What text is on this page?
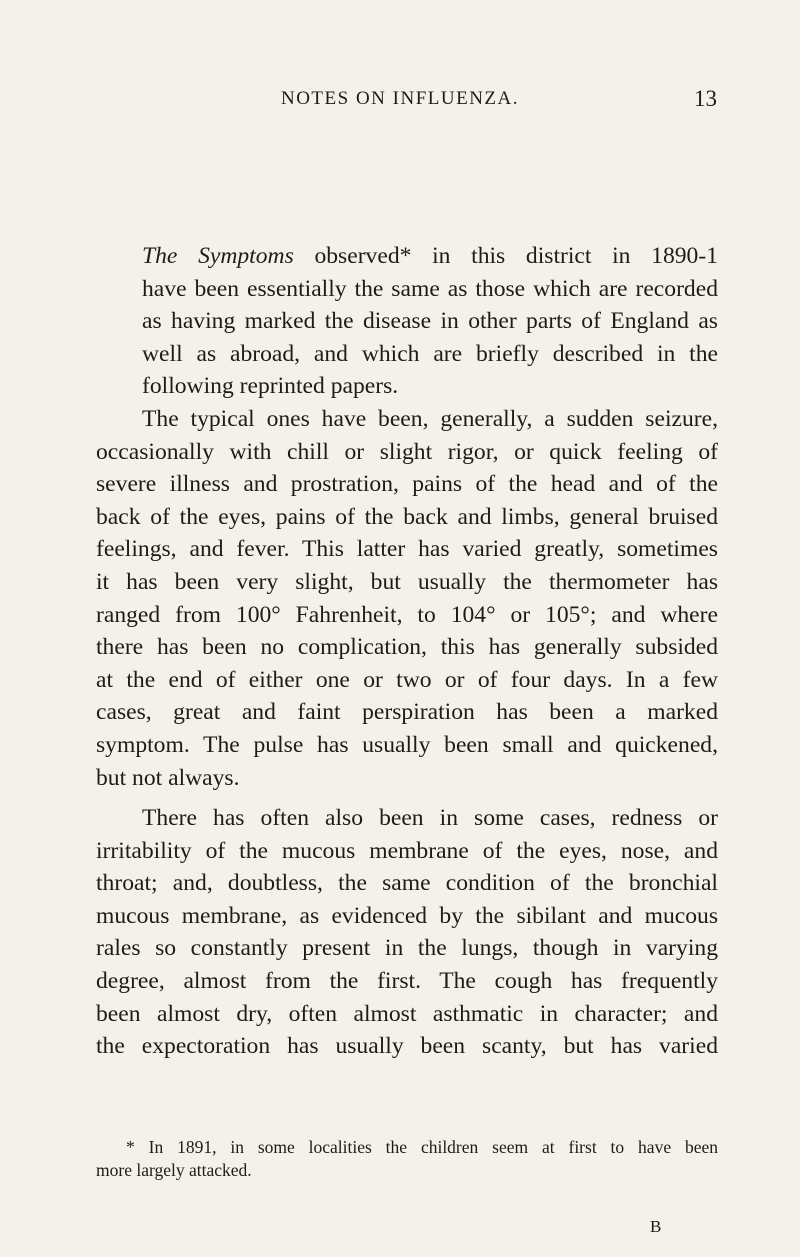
NOTES ON INFLUENZA.	13

The Symptoms observed* in this district in 1890-1
have been essentially the same as those which are recorded
as having marked the disease in other parts of England as
well as abroad, and which are briefly described in the
following reprinted papers.

The typical ones have been, generally, a sudden seizure,
occasionally with chill or slight rigor, or quick feeling of
severe illness and prostration, pains of the head and of the
back of the eyes, pains of the back and limbs, general bruised
feelings, and fever. This latter has varied greatly, sometimes
it has been very slight, but usually the thermometer has
ranged from 100° Fahrenheit, to 104° or 105°; and where
there has been no complication, this has generally subsided
at the end of either one or two or of four days. In a few
cases, great and faint perspiration has been a marked
symptom. The pulse has usually been small and quickened,
but not always.

There has often also been in some cases, redness or
irritability of the mucous membrane of the eyes, nose, and
throat; and, doubtless, the same condition of the bronchial
mucous membrane, as evidenced by the sibilant and mucous
rales so constantly present in the lungs, though in varying
degree, almost from the first. The cough has frequently
been almost dry, often almost asthmatic in character; and
the expectoration has usually been scanty, but has varied

* In 1891, in some localities the children seem at first to have been
more largely attacked.
B
